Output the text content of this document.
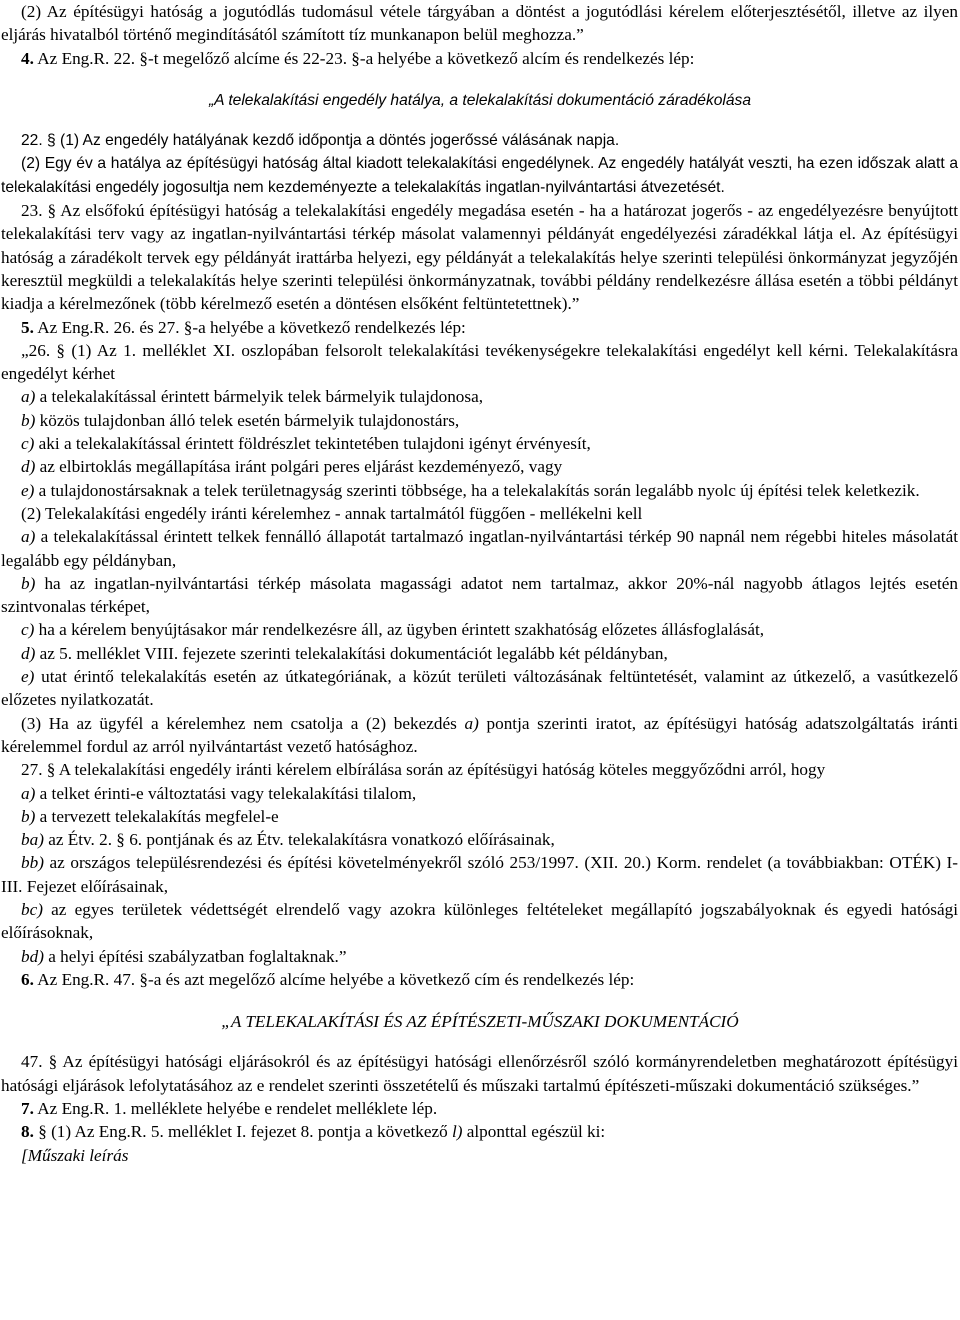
(2) Az építésügyi hatóság a jogutódlás tudomásul vétele tárgyában a döntést a jogutódlási kérelem előterjesztésétől, illetve az ilyen eljárás hivatalból történő megindításától számított tíz munkanapon belül meghozza.”

4. Az Eng.R. 22. §-t megelőző alcíme és 22-23. §-a helyébe a következő alcím és rendelkezés lép:

„A telekalakítási engedély hatálya, a telekalakítási dokumentáció záradékolása

22. § (1) Az engedély hatályának kezdő időpontja a döntés jogerőssé válásának napja.

(2) Egy év a hatálya az építésügyi hatóság által kiadott telekalakítási engedélynek. Az engedély hatályát veszti, ha ezen időszak alatt a telekalakítási engedély jogosultja nem kezdeményezte a telekalakítás ingatlan-nyilvántartási átvezetését.

23. § Az elsőfokú építésügyi hatóság a telekalakítási engedély megadása esetén - ha a határozat jogerős - az engedélyezésre benyújtott telekalakítási terv vagy az ingatlan-nyilvántartási térkép másolat valamennyi példányát engedélyezési záradékkal látja el. Az építésügyi hatóság a záradékolt tervek egy példányát irattárba helyezi, egy példányát a telekalakítás helye szerinti települési önkormányzat jegyzőjén keresztül megküldi a telekalakítás helye szerinti települési önkormányzatnak, további példány rendelkezésre állása esetén a többi példányt kiadja a kérelmezőnek (több kérelmező esetén a döntésen elsőként feltüntetettnek).”

5. Az Eng.R. 26. és 27. §-a helyébe a következő rendelkezés lép:

„26. § (1) Az 1. melléklet XI. oszlopában felsorolt telekalakítási tevékenységekre telekalakítási engedélyt kell kérni. Telekalakításra engedélyt kérhet

a) a telekalakítással érintett bármelyik telek bármelyik tulajdonosa,

b) közös tulajdonban álló telek esetén bármelyik tulajdonostárs,

c) aki a telekalakítással érintett földrészlet tekintetében tulajdoni igényt érvényesít,

d) az elbirtoklás megállapítása iránt polgári peres eljárást kezdeményező, vagy

e) a tulajdonostársaknak a telek területnagyság szerinti többsége, ha a telekalakítás során legalább nyolc új építési telek keletkezik.

(2) Telekalakítási engedély iránti kérelemhez - annak tartalmától függően - mellékelni kell

a) a telekalakítással érintett telkek fennálló állapotát tartalmazó ingatlan-nyilvántartási térkép 90 napnál nem régebbi hiteles másolatát legalább egy példányban,

b) ha az ingatlan-nyilvántartási térkép másolata magassági adatot nem tartalmaz, akkor 20%-nál nagyobb átlagos lejtés esetén szintvonalas térképet,

c) ha a kérelem benyújtásakor már rendelkezésre áll, az ügyben érintett szakhatóság előzetes állásfoglalását,

d) az 5. melléklet VIII. fejezete szerinti telekalakítási dokumentációt legalább két példányban,

e) utat érintő telekalakítás esetén az útkategóriának, a közút területi változásának feltüntetését, valamint az útkezelő, a vasútkezelő előzetes nyilatkozatát.

(3) Ha az ügyfél a kérelemhez nem csatolja a (2) bekezdés a) pontja szerinti iratot, az építésügyi hatóság adatszolgáltatás iránti kérelemmel fordul az arról nyilvántartást vezető hatósághoz.

27. § A telekalakítási engedély iránti kérelem elbírálása során az építésügyi hatóság köteles meggyőződni arról, hogy

a) a telket érinti-e változtatási vagy telekalakítási tilalom,

b) a tervezett telekalakítás megfelel-e

ba) az Étv. 2. § 6. pontjának és az Étv. telekalakításra vonatkozó előírásainak,

bb) az országos településrendezési és építési követelményekről szóló 253/1997. (XII. 20.) Korm. rendelet (a továbbiakban: OTÉK) I-III. Fejezet előírásainak,

bc) az egyes területek védettségét elrendelő vagy azokra különleges feltételeket megállapító jogszabályoknak és egyedi hatósági előírásoknak,

bd) a helyi építési szabályzatban foglaltaknak.”

6. Az Eng.R. 47. §-a és azt megelőző alcíme helyébe a következő cím és rendelkezés lép:

„A TELEKALAKÍTÁSI ÉS AZ ÉPÍTÉSZETI-MŰSZAKI DOKUMENTÁCIÓ

47. § Az építésügyi hatósági eljárásokról és az építésügyi hatósági ellenőrzésről szóló kormányrendeletben meghatározott építésügyi hatósági eljárások lefolytatásához az e rendelet szerinti összetételű és műszaki tartalmú építészeti-műszaki dokumentáció szükséges.”

7. Az Eng.R. 1. melléklete helyébe e rendelet melléklete lép.

8. § (1) Az Eng.R. 5. melléklet I. fejezet 8. pontja a következő l) alponttal egészül ki:

[Műszaki leírás
